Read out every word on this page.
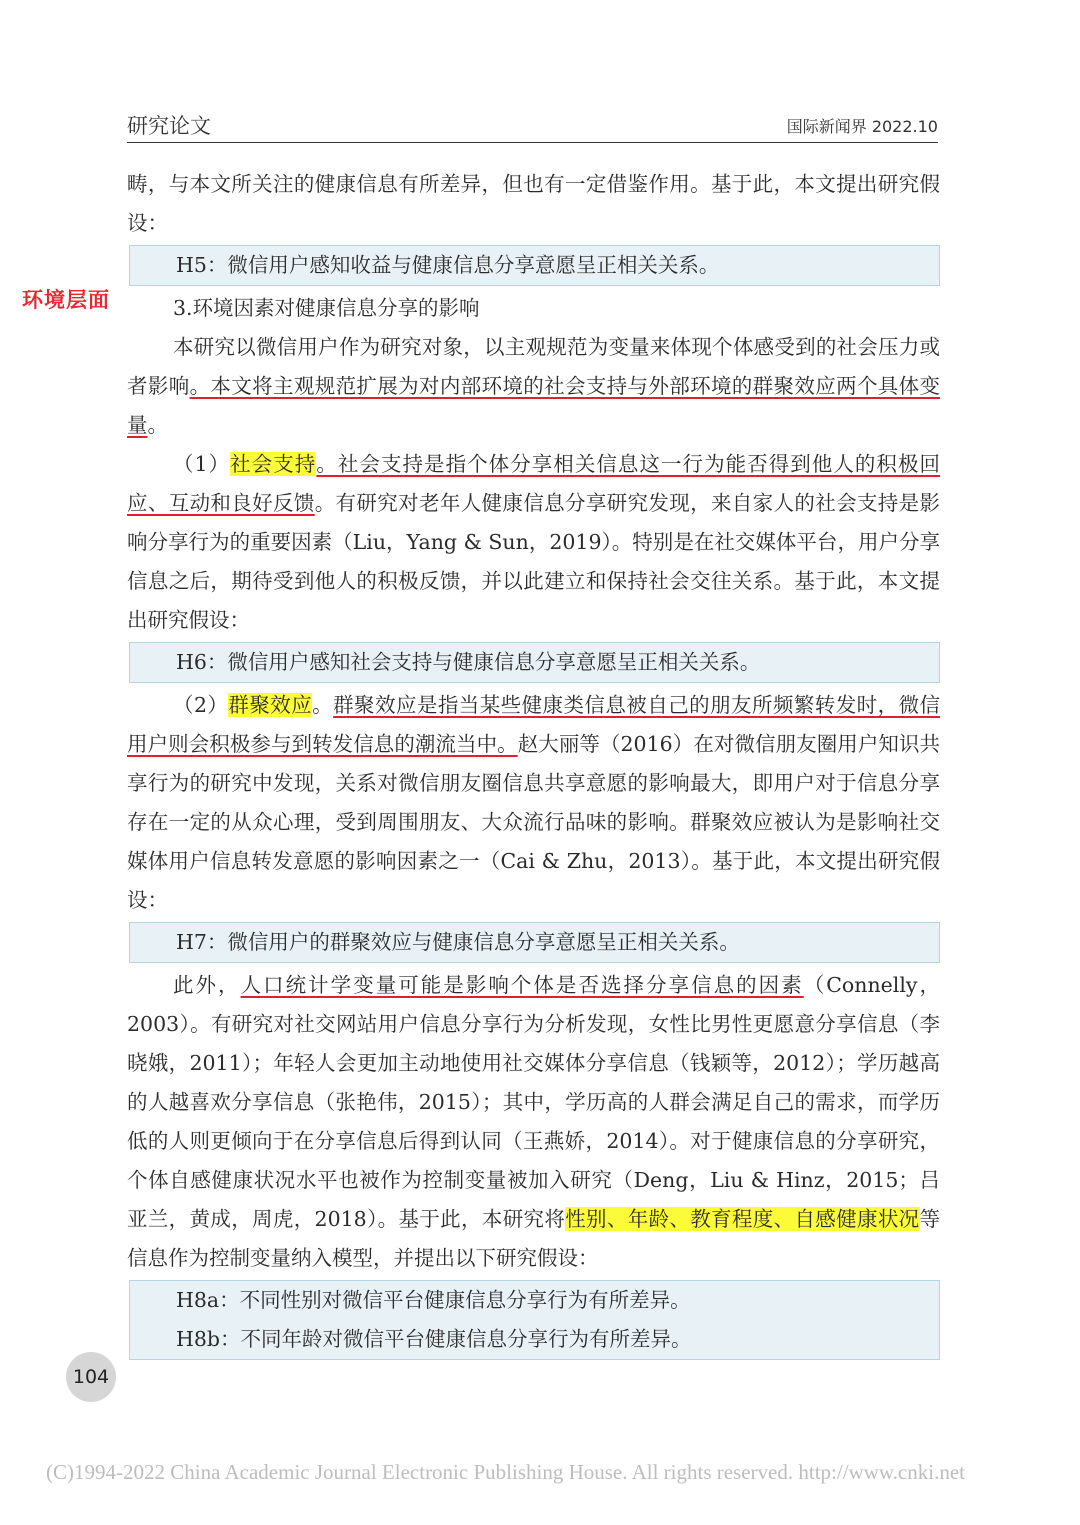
研究论文	国际新闻界 2022.10
环境层面

畴，与本文所关注的健康信息有所差异，但也有一定借鉴作用。基于此，本文提出研究假设：

H5：微信用户感知收益与健康信息分享意愿呈正相关关系。

3.环境因素对健康信息分享的影响

本研究以微信用户作为研究对象，以主观规范为变量来体现个体感受到的社会压力或者影响。本文将主观规范扩展为对内部环境的社会支持与外部环境的群聚效应两个具体变量。

（1）社会支持。社会支持是指个体分享相关信息这一行为能否得到他人的积极回应、互动和良好反馈。有研究对老年人健康信息分享研究发现，来自家人的社会支持是影响分享行为的重要因素（Liu，Yang & Sun，2019）。特别是在社交媒体平台，用户分享信息之后，期待受到他人的积极反馈，并以此建立和保持社会交往关系。基于此，本文提出研究假设：

H6：微信用户感知社会支持与健康信息分享意愿呈正相关关系。

（2）群聚效应。群聚效应是指当某些健康类信息被自己的朋友所频繁转发时，微信用户则会积极参与到转发信息的潮流当中。赵大丽等（2016）在对微信朋友圈用户知识共享行为的研究中发现，关系对微信朋友圈信息共享意愿的影响最大，即用户对于信息分享存在一定的从众心理，受到周围朋友、大众流行品味的影响。群聚效应被认为是影响社交媒体用户信息转发意愿的影响因素之一（Cai & Zhu，2013）。基于此，本文提出研究假设：

H7：微信用户的群聚效应与健康信息分享意愿呈正相关关系。

此外，人口统计学变量可能是影响个体是否选择分享信息的因素（Connelly，2003）。有研究对社交网站用户信息分享行为分析发现，女性比男性更愿意分享信息（李晓娥，2011）；年轻人会更加主动地使用社交媒体分享信息（钱颖等，2012）；学历越高的人越喜欢分享信息（张艳伟，2015）；其中，学历高的人群会满足自己的需求，而学历低的人则更倾向于在分享信息后得到认同（王燕娇，2014）。对于健康信息的分享研究，个体自感健康状况水平也被作为控制变量被加入研究（Deng，Liu & Hinz，2015；吕亚兰，黄成，周虎，2018）。基于此，本研究将性别、年龄、教育程度、自感健康状况等信息作为控制变量纳入模型，并提出以下研究假设：

H8a：不同性别对微信平台健康信息分享行为有所差异。
H8b：不同年龄对微信平台健康信息分享行为有所差异。
104
(C)1994-2022 China Academic Journal Electronic Publishing House. All rights reserved. http://www.cnki.net
